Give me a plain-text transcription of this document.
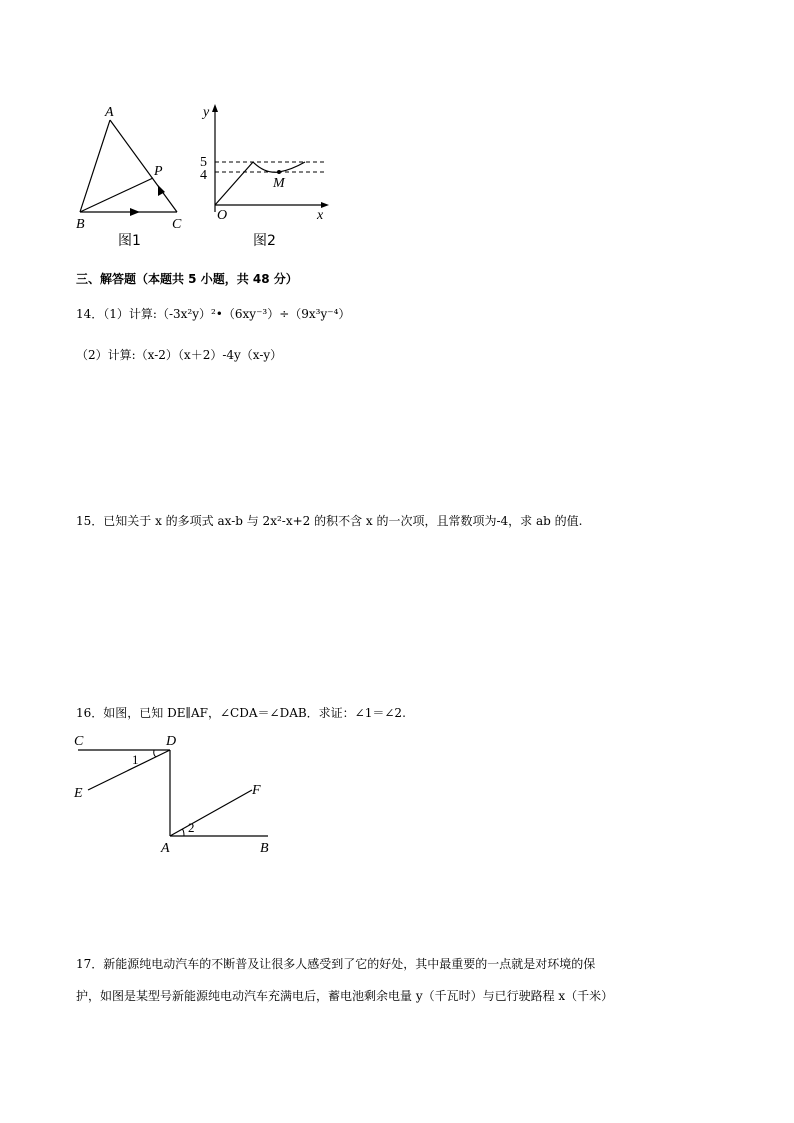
A
P
B	C
图1
y
5
4
M
O	x
图2
三、解答题（本题共 5 小题，共 48 分）
14．（1）计算:（-3x²y）²•（6xy⁻³）÷（9x³y⁻⁴）
（2）计算:（x-2）（x＋2）-4y（x-y）
15．已知关于 x 的多项式 ax-b 与 2x²-x+2 的积不含 x 的一次项，且常数项为-4，求 ab 的值.
16．如图，已知 DE∥AF，∠CDA＝∠DAB．求证：∠1＝∠2.
C	D
1
E	F
2
A	B
17．新能源纯电动汽车的不断普及让很多人感受到了它的好处，其中最重要的一点就是对环境的保
护，如图是某型号新能源纯电动汽车充满电后，蓄电池剩余电量 y（千瓦时）与已行驶路程 x（千米）
